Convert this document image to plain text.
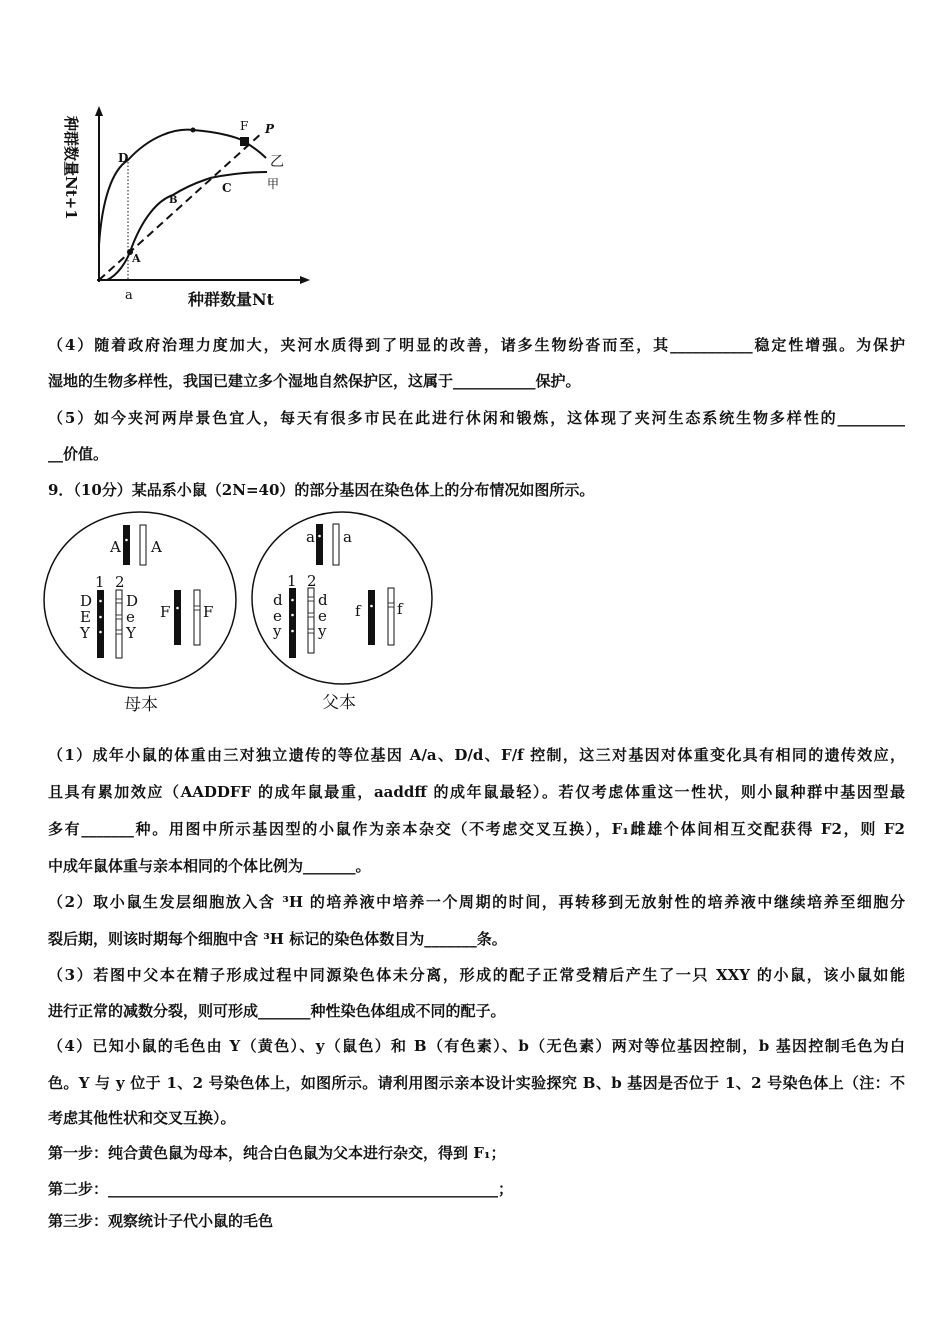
种群数量Nt+1
种群数量Nt
a
D
F P
B
C
A
乙
甲
（4）随着政府治理力度加大，夹河水质得到了明显的改善，诸多生物纷沓而至，其___________稳定性增强。为保护
湿地的生物多样性，我国已建立多个湿地自然保护区，这属于___________保护。
（5）如今夹河两岸景色宜人，每天有很多市民在此进行休闲和锻炼，这体现了夹河生态系统生物多样性的_________
__价值。
9．（10分）某品系小鼠（2N=40）的部分基因在染色体上的分布情况如图所示。
A A
1 2
D
E
Y
D
e
Y
F F
母本
a a
1 2
d
e
y
d
e
y
f f
父本
（1）成年小鼠的体重由三对独立遗传的等位基因 A/a、D/d、F/f 控制，这三对基因对体重变化具有相同的遗传效应，
且具有累加效应（AADDFF 的成年鼠最重，aaddff 的成年鼠最轻）。若仅考虑体重这一性状，则小鼠种群中基因型最
多有_______种。用图中所示基因型的小鼠作为亲本杂交（不考虑交叉互换），F₁雌雄个体间相互交配获得 F2，则 F2
中成年鼠体重与亲本相同的个体比例为_______。
（2）取小鼠生发层细胞放入含 ³H 的培养液中培养一个周期的时间，再转移到无放射性的培养液中继续培养至细胞分
裂后期，则该时期每个细胞中含 ³H 标记的染色体数目为_______条。
（3）若图中父本在精子形成过程中同源染色体未分离，形成的配子正常受精后产生了一只 XXY 的小鼠，该小鼠如能
进行正常的减数分裂，则可形成_______种性染色体组成不同的配子。
（4）已知小鼠的毛色由 Y（黄色）、y（鼠色）和 B（有色素）、b（无色素）两对等位基因控制，b 基因控制毛色为白
色。Y 与 y 位于 1、2 号染色体上，如图所示。请利用图示亲本设计实验探究 B、b 基因是否位于 1、2 号染色体上（注：不
考虑其他性状和交叉互换）。
第一步：纯合黄色鼠为母本，纯合白色鼠为父本进行杂交，得到 F₁；
第二步：____________________________________________________；
第三步：观察统计子代小鼠的毛色
